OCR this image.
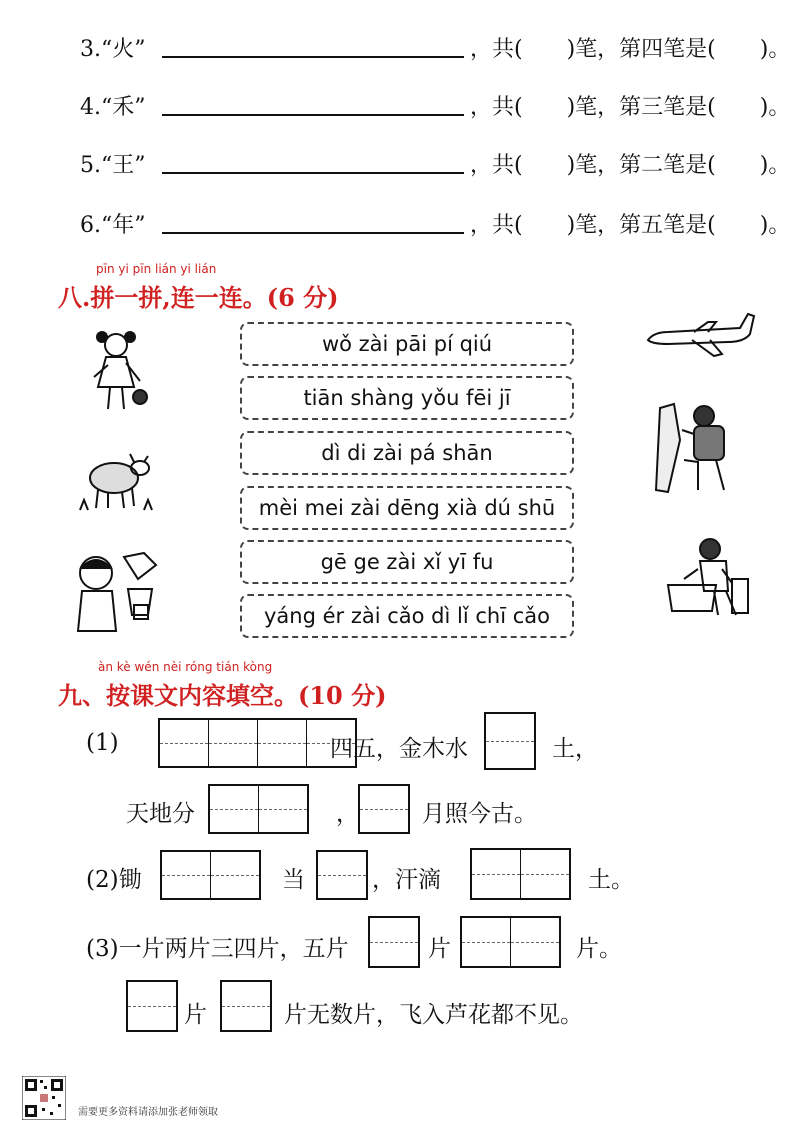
3.“火”	，共(　　)笔，第四笔是(　　)。
4.“禾”	，共(　　)笔，第三笔是(　　)。
5.“王”	，共(　　)笔，第二笔是(　　)。
6.“年”	，共(　　)笔，第五笔是(　　)。
pīn yi pīn lián yi lián
八.拼一拼,连一连。(6 分)
wǒ zài pāi pí qiú
tiān shàng yǒu fēi jī
dì di zài pá shān
mèi mei zài dēng xià dú shū
gē ge zài xǐ yī fu
yáng ér zài cǎo dì lǐ chī cǎo
àn kè wén nèi róng tián kòng
九、按课文内容填空。(10 分)
(1)	四五，金木水	土，
天地分	，	月照今古。
(2)锄	当	，汗滴	土。
(3)一片两片三四片，五片	片	片。
片	片无数片，飞入芦花都不见。
需要更多资料请添加张老师领取
